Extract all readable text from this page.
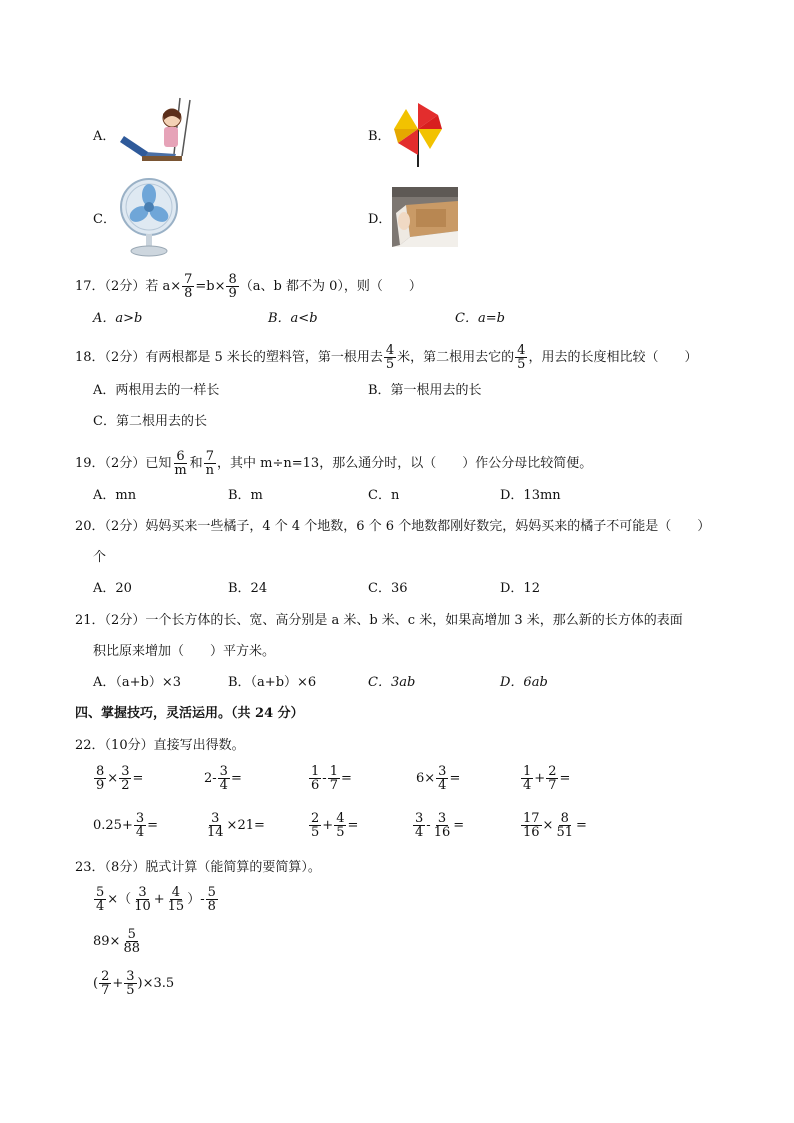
A．	B．
C．	D．
17．（2分）若 $a\times \frac{7}{8} =b\times \frac{8}{9} (a$、b 都不为 0），则（　　）
A．a>b	B．a<b	C．a=b
18．（2分）有两根都是 5 米长的塑料管，第一根用去 $\frac{4}{5}$ 米，第二根用去它的 $\frac{4}{5}$ ，用去的长度相比较（　　）
A．两根用去的一样长	B．第一根用去的长
C．第二根用去的长
19．（2分）已知 $\frac{6}{m}$ 和 $\frac{7}{n}$ ，其中 m÷n=13，那么通分时，以（　　）作公分母比较简便。
A．mn	B．m	C．n	D．13mn
20．（2分）妈妈买来一些橘子，4 个 4 个地数，6 个 6 个地数都刚好数完，妈妈买来的橘子不可能是（　　）
个
A．20	B．24	C．36	D．12
21．（2分）一个长方体的长、宽、高分别是 a 米、b 米、c 米，如果高增加 3 米，那么新的长方体的表面
积比原来增加（　　）平方米。
A．（a+b）×3	B．（a+b）×6	C．3ab	D．6ab
四、掌握技巧，灵活运用。（共 24 分）
22．（10分）直接写出得数。
$\frac{8}{9} \times \frac{3}{2}$ =	$2- \frac{3}{4}$ =	$\frac{1}{6} - \frac{1}{7}$ =	$6\times \frac{3}{4}$ =	$\frac{1}{4} + \frac{2}{7}$ =
$0.25+ \frac{3}{4}$ =	$\frac{3}{14} \times 21=$	$\frac{2}{5} + \frac{4}{5}$ =	$\frac{3}{4} - \frac{3}{16}$ =	$\frac{17}{16} \times \frac{8}{51}$ =
23．（8分）脱式计算（能简算的要简算）。
$\frac{5}{4}$ ×（ $\frac{3}{10} + \frac{4}{15}$ ）- $\frac{5}{8}$
$89\times \frac{5}{88}$
( $\frac{2}{7} + \frac{3}{5} )\times 3.5$
